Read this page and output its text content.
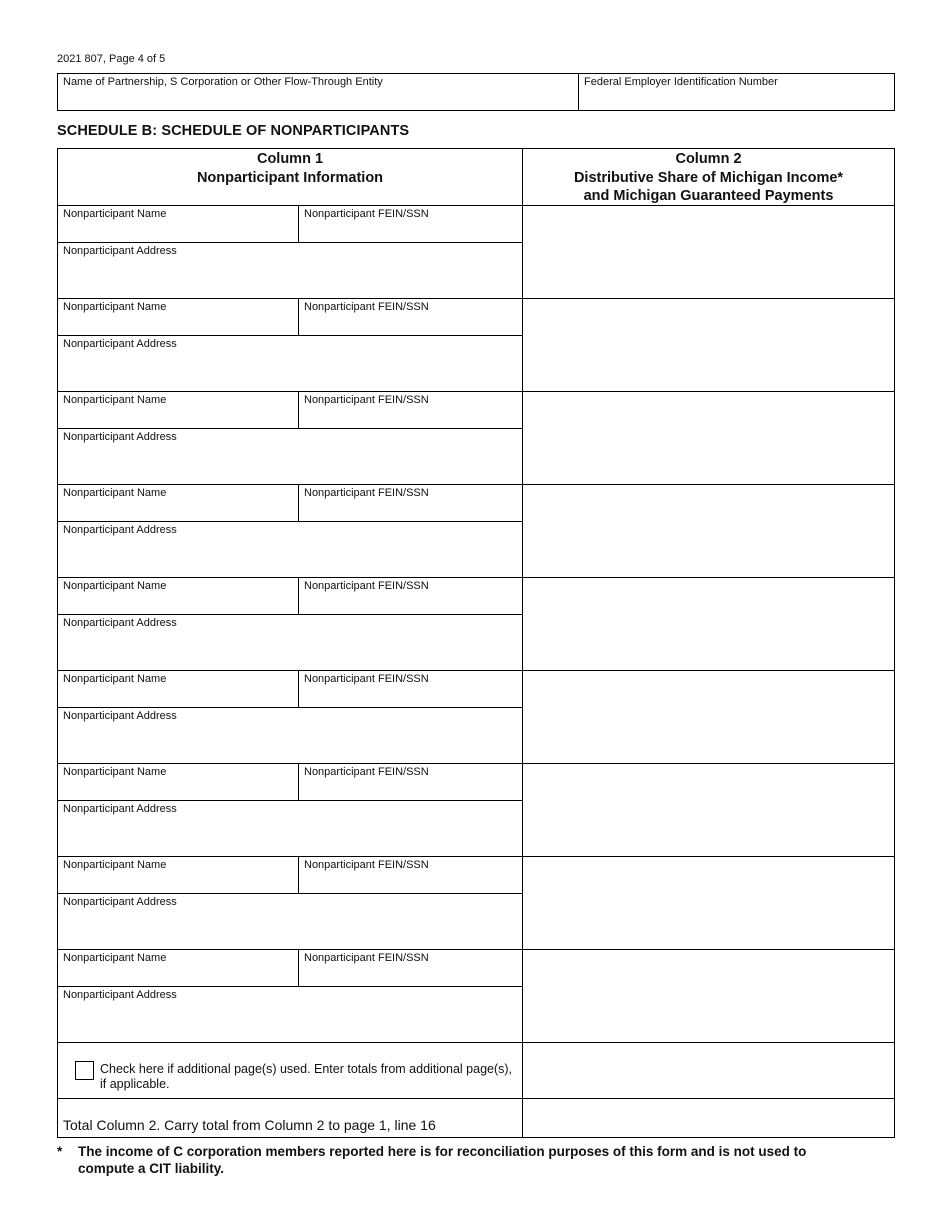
2021 807, Page 4 of 5
Name of Partnership, S Corporation or Other Flow-Through Entity	Federal Employer Identification Number
SCHEDULE B: SCHEDULE OF NONPARTICIPANTS
Column 1
Nonparticipant Information
Column 2
Distributive Share of Michigan Income*
and Michigan Guaranteed Payments
Nonparticipant Name	Nonparticipant FEIN/SSN
Nonparticipant Address
Nonparticipant Name	Nonparticipant FEIN/SSN
Nonparticipant Address
Nonparticipant Name	Nonparticipant FEIN/SSN
Nonparticipant Address
Nonparticipant Name	Nonparticipant FEIN/SSN
Nonparticipant Address
Nonparticipant Name	Nonparticipant FEIN/SSN
Nonparticipant Address
Nonparticipant Name	Nonparticipant FEIN/SSN
Nonparticipant Address
Nonparticipant Name	Nonparticipant FEIN/SSN
Nonparticipant Address
Nonparticipant Name	Nonparticipant FEIN/SSN
Nonparticipant Address
Nonparticipant Name	Nonparticipant FEIN/SSN
Nonparticipant Address
Check here if additional page(s) used. Enter totals from additional page(s), if applicable.
Total Column 2. Carry total from Column 2 to page 1, line 16
*	The income of C corporation members reported here is for reconciliation purposes of this form and is not used to compute a CIT liability.
